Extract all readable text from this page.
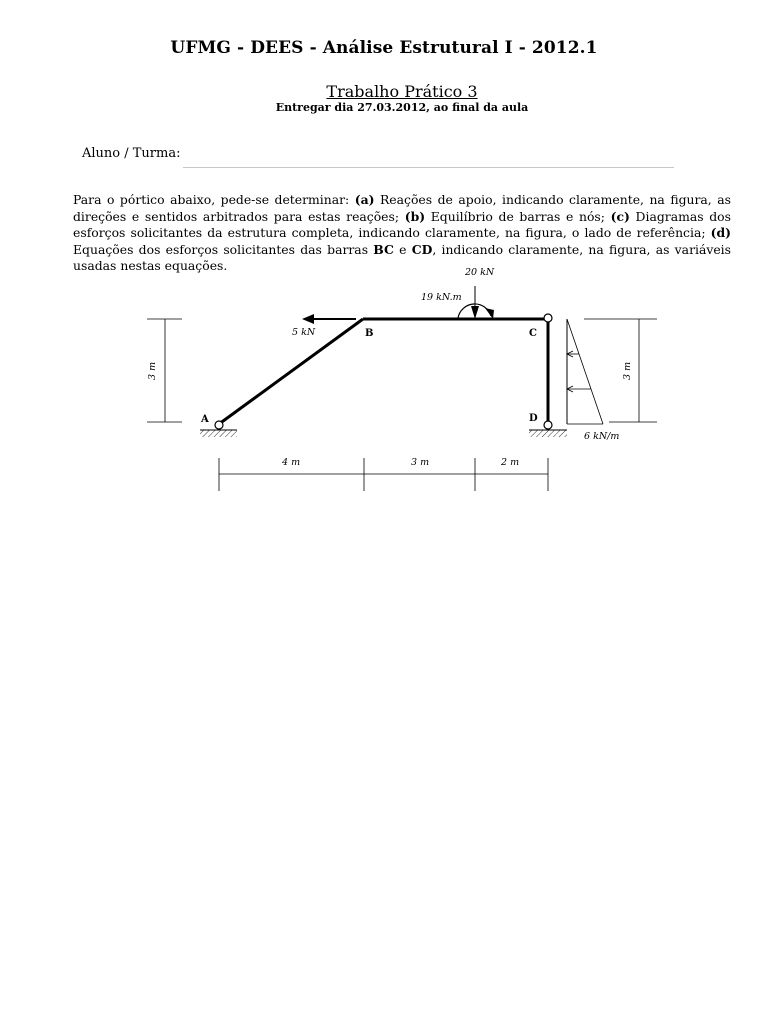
UFMG - DEES - Análise Estrutural I - 2012.1
Trabalho Prático 3
Entregar dia 27.03.2012, ao final da aula
Aluno / Turma:
Para o pórtico abaixo, pede-se determinar: (a) Reações de apoio, indicando claramente, na figura, as direções e sentidos arbitrados para estas reações; (b) Equilíbrio de barras e nós; (c) Diagramas dos esforços solicitantes da estrutura completa, indicando claramente, na figura, o lado de referência; (d) Equações dos esforços solicitantes das barras BC e CD, indicando claramente, na figura, as variáveis usadas nestas equações.
A
B	C
D
5 kN
20 kN
19 kN.m
6 kN/m
3 m	3 m
4 m	3 m	2 m
